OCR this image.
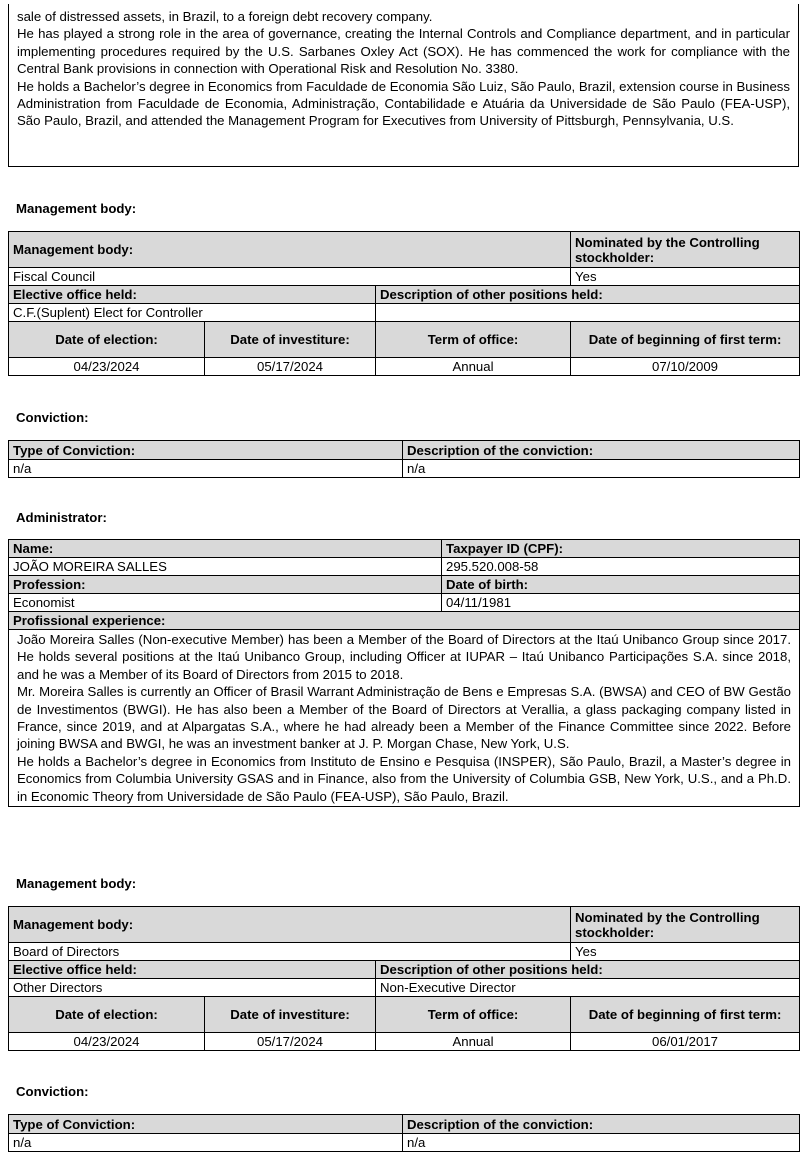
sale of distressed assets, in Brazil, to a foreign debt recovery company.
He has played a strong role in the area of governance, creating the Internal Controls and Compliance department, and in particular implementing procedures required by the U.S. Sarbanes Oxley Act (SOX). He has commenced the work for compliance with the Central Bank provisions in connection with Operational Risk and Resolution No. 3380.
He holds a Bachelor’s degree in Economics from Faculdade de Economia São Luiz, São Paulo, Brazil, extension course in Business Administration from Faculdade de Economia, Administração, Contabilidade e Atuária da Universidade de São Paulo (FEA-USP), São Paulo, Brazil, and attended the Management Program for Executives from University of Pittsburgh, Pennsylvania, U.S.
Management body:
Management body:			Nominated by the Controlling stockholder:
Fiscal Council			Yes
Elective office held:		Description of other positions held:	
C.F.(Suplent) Elect for Controller			
Date of election:	Date of investiture:	Term of office:	Date of beginning of first term:
04/23/2024	05/17/2024	Annual	07/10/2009
Conviction:
Type of Conviction:	Description of the conviction:
n/a	n/a
Administrator:
Name:	Taxpayer ID (CPF):
JOÃO MOREIRA SALLES	295.520.008-58
Profession:	Date of birth:
Economist	04/11/1981
Profissional experience:	

João Moreira Salles (Non-executive Member) has been a Member of the Board of Directors at the Itaú Unibanco Group since 2017. He holds several positions at the Itaú Unibanco Group, including Officer at IUPAR – Itaú Unibanco Participações S.A. since 2018, and he was a Member of its Board of Directors from 2015 to 2018.
Mr. Moreira Salles is currently an Officer of Brasil Warrant Administração de Bens e Empresas S.A. (BWSA) and CEO of BW Gestão de Investimentos (BWGI). He has also been a Member of the Board of Directors at Verallia, a glass packaging company listed in France, since 2019, and at Alpargatas S.A., where he had already been a Member of the Finance Committee since 2022. Before joining BWSA and BWGI, he was an investment banker at J. P. Morgan Chase, New York, U.S.
He holds a Bachelor’s degree in Economics from Instituto de Ensino e Pesquisa (INSPER), São Paulo, Brazil, a Master’s degree in Economics from Columbia University GSAS and in Finance, also from the University of Columbia GSB, New York, U.S., and a Ph.D. in Economic Theory from Universidade de São Paulo (FEA-USP), São Paulo, Brazil.	
Management body:
Management body:			Nominated by the Controlling stockholder:
Board of Directors			Yes
Elective office held:		Description of other positions held:	
Other Directors		Non-Executive Director	
Date of election:	Date of investiture:	Term of office:	Date of beginning of first term:
04/23/2024	05/17/2024	Annual	06/01/2017
Conviction:
Type of Conviction:	Description of the conviction:
n/a	n/a
